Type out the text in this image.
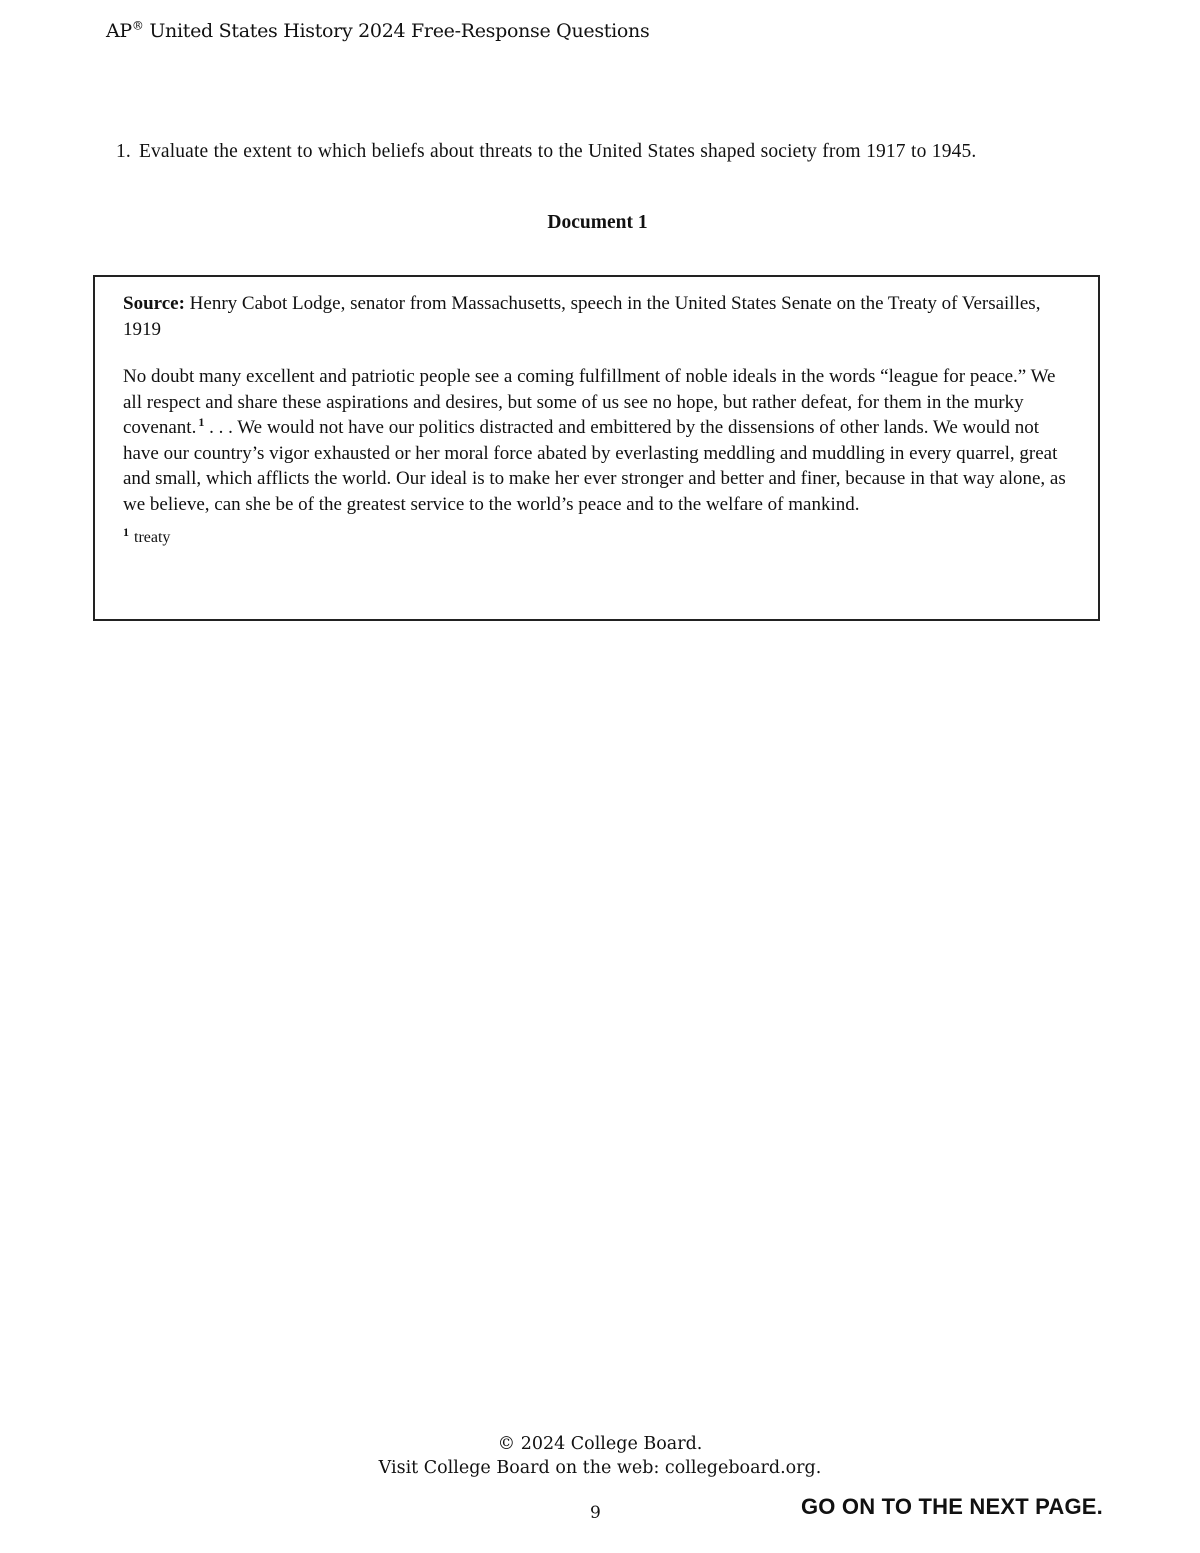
AP® United States History 2024 Free-Response Questions
1. Evaluate the extent to which beliefs about threats to the United States shaped society from 1917 to 1945.
Document 1

Source: Henry Cabot Lodge, senator from Massachusetts, speech in the United States Senate on the Treaty of Versailles, 1919

No doubt many excellent and patriotic people see a coming fulfillment of noble ideals in the words “league for peace.” We all respect and share these aspirations and desires, but some of us see no hope, but rather defeat, for them in the murky covenant. $^1$ . . . We would not have our politics distracted and embittered by the dissensions of other lands. We would not have our country’s vigor exhausted or her moral force abated by everlasting meddling and muddling in every quarrel, great and small, which afflicts the world. Our ideal is to make her ever stronger and better and finer, because in that way alone, as we believe, can she be of the greatest service to the world’s peace and to the welfare of mankind.

$^1$ treaty

© 2024 College Board.
Visit College Board on the web: collegeboard.org.
9	GO ON TO THE NEXT PAGE.
